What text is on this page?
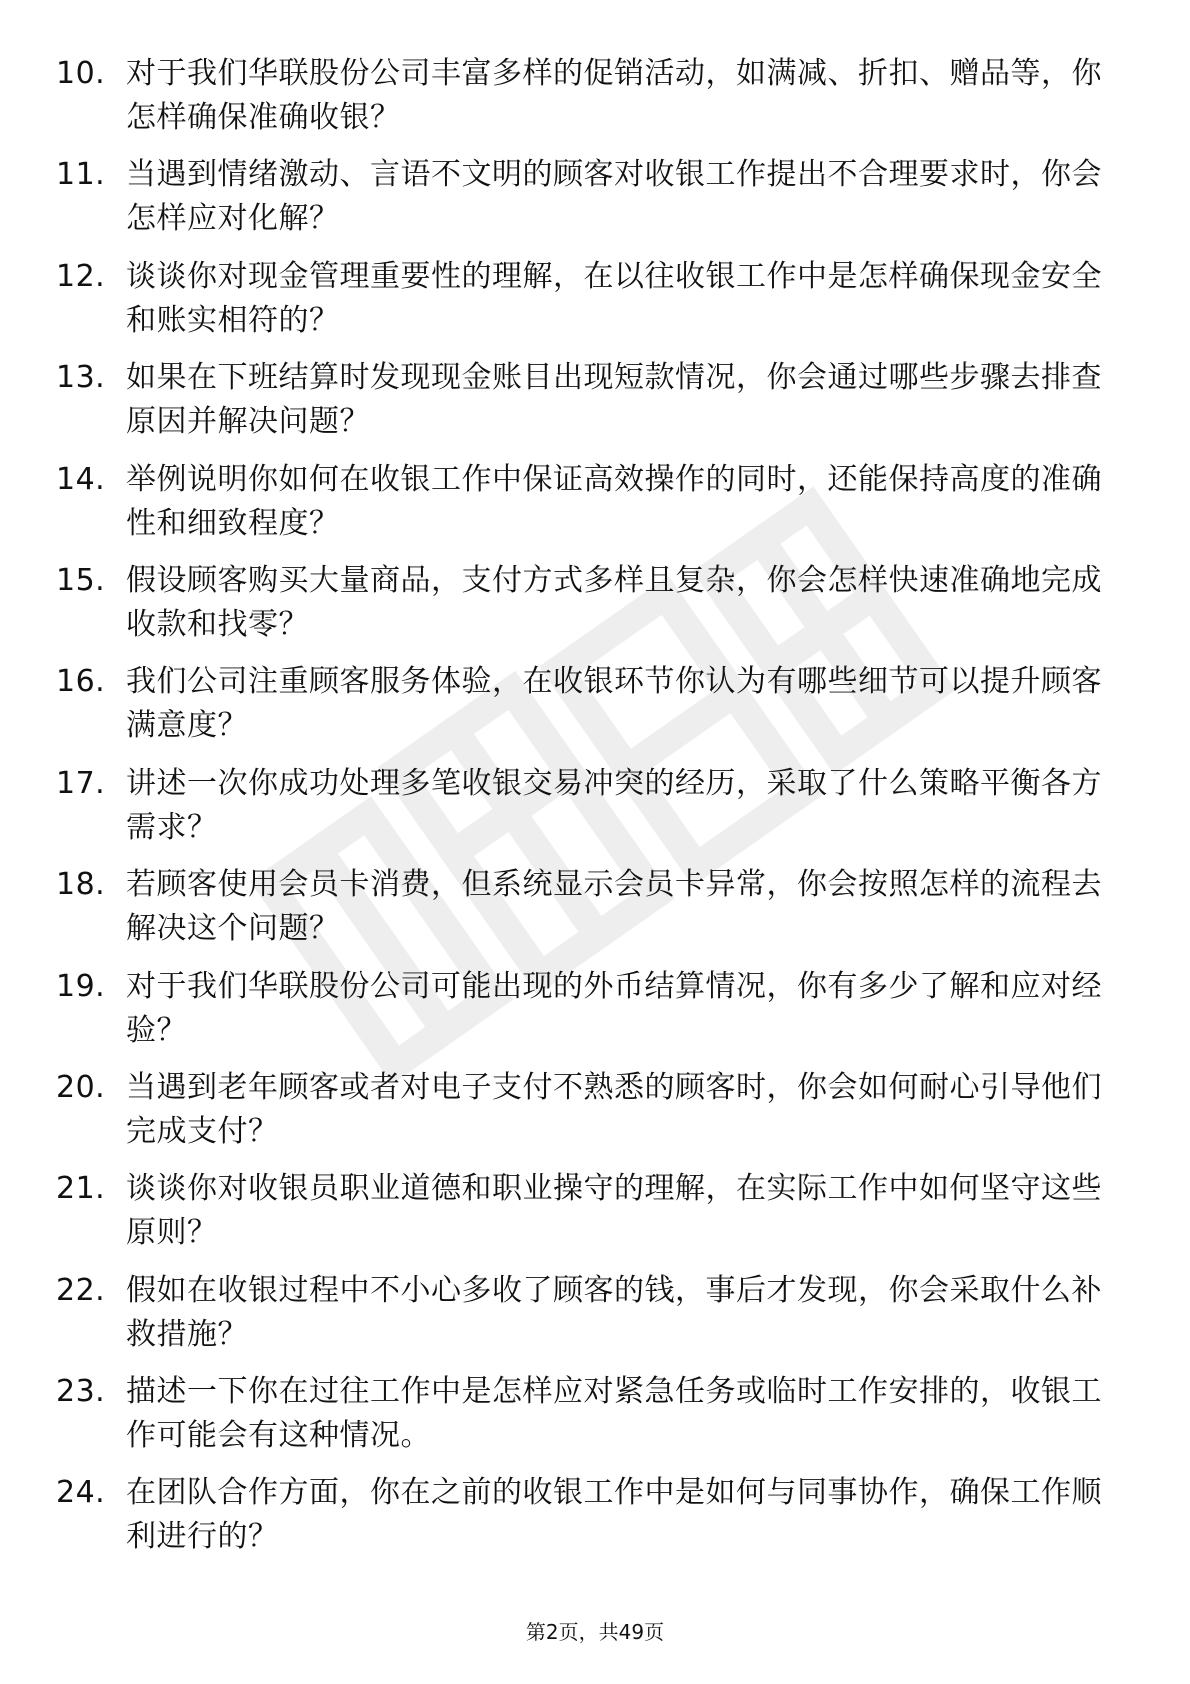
10. 对于我们华联股份公司丰富多样的促销活动，如满减、折扣、赠品等，你怎样确保准确收银？
11. 当遇到情绪激动、言语不文明的顾客对收银工作提出不合理要求时，你会怎样应对化解？
12. 谈谈你对现金管理重要性的理解，在以往收银工作中是怎样确保现金安全和账实相符的？
13. 如果在下班结算时发现现金账目出现短款情况，你会通过哪些步骤去排查原因并解决问题？
14. 举例说明你如何在收银工作中保证高效操作的同时，还能保持高度的准确性和细致程度？
15. 假设顾客购买大量商品，支付方式多样且复杂，你会怎样快速准确地完成收款和找零？
16. 我们公司注重顾客服务体验，在收银环节你认为有哪些细节可以提升顾客满意度？
17. 讲述一次你成功处理多笔收银交易冲突的经历，采取了什么策略平衡各方需求？
18. 若顾客使用会员卡消费，但系统显示会员卡异常，你会按照怎样的流程去解决这个问题？
19. 对于我们华联股份公司可能出现的外币结算情况，你有多少了解和应对经验？
20. 当遇到老年顾客或者对电子支付不熟悉的顾客时，你会如何耐心引导他们完成支付？
21. 谈谈你对收银员职业道德和职业操守的理解，在实际工作中如何坚守这些原则？
22. 假如在收银过程中不小心多收了顾客的钱，事后才发现，你会采取什么补救措施？
23. 描述一下你在过往工作中是怎样应对紧急任务或临时工作安排的，收银工作可能会有这种情况。
24. 在团队合作方面，你在之前的收银工作中是如何与同事协作，确保工作顺利进行的？
第2页，共49页
